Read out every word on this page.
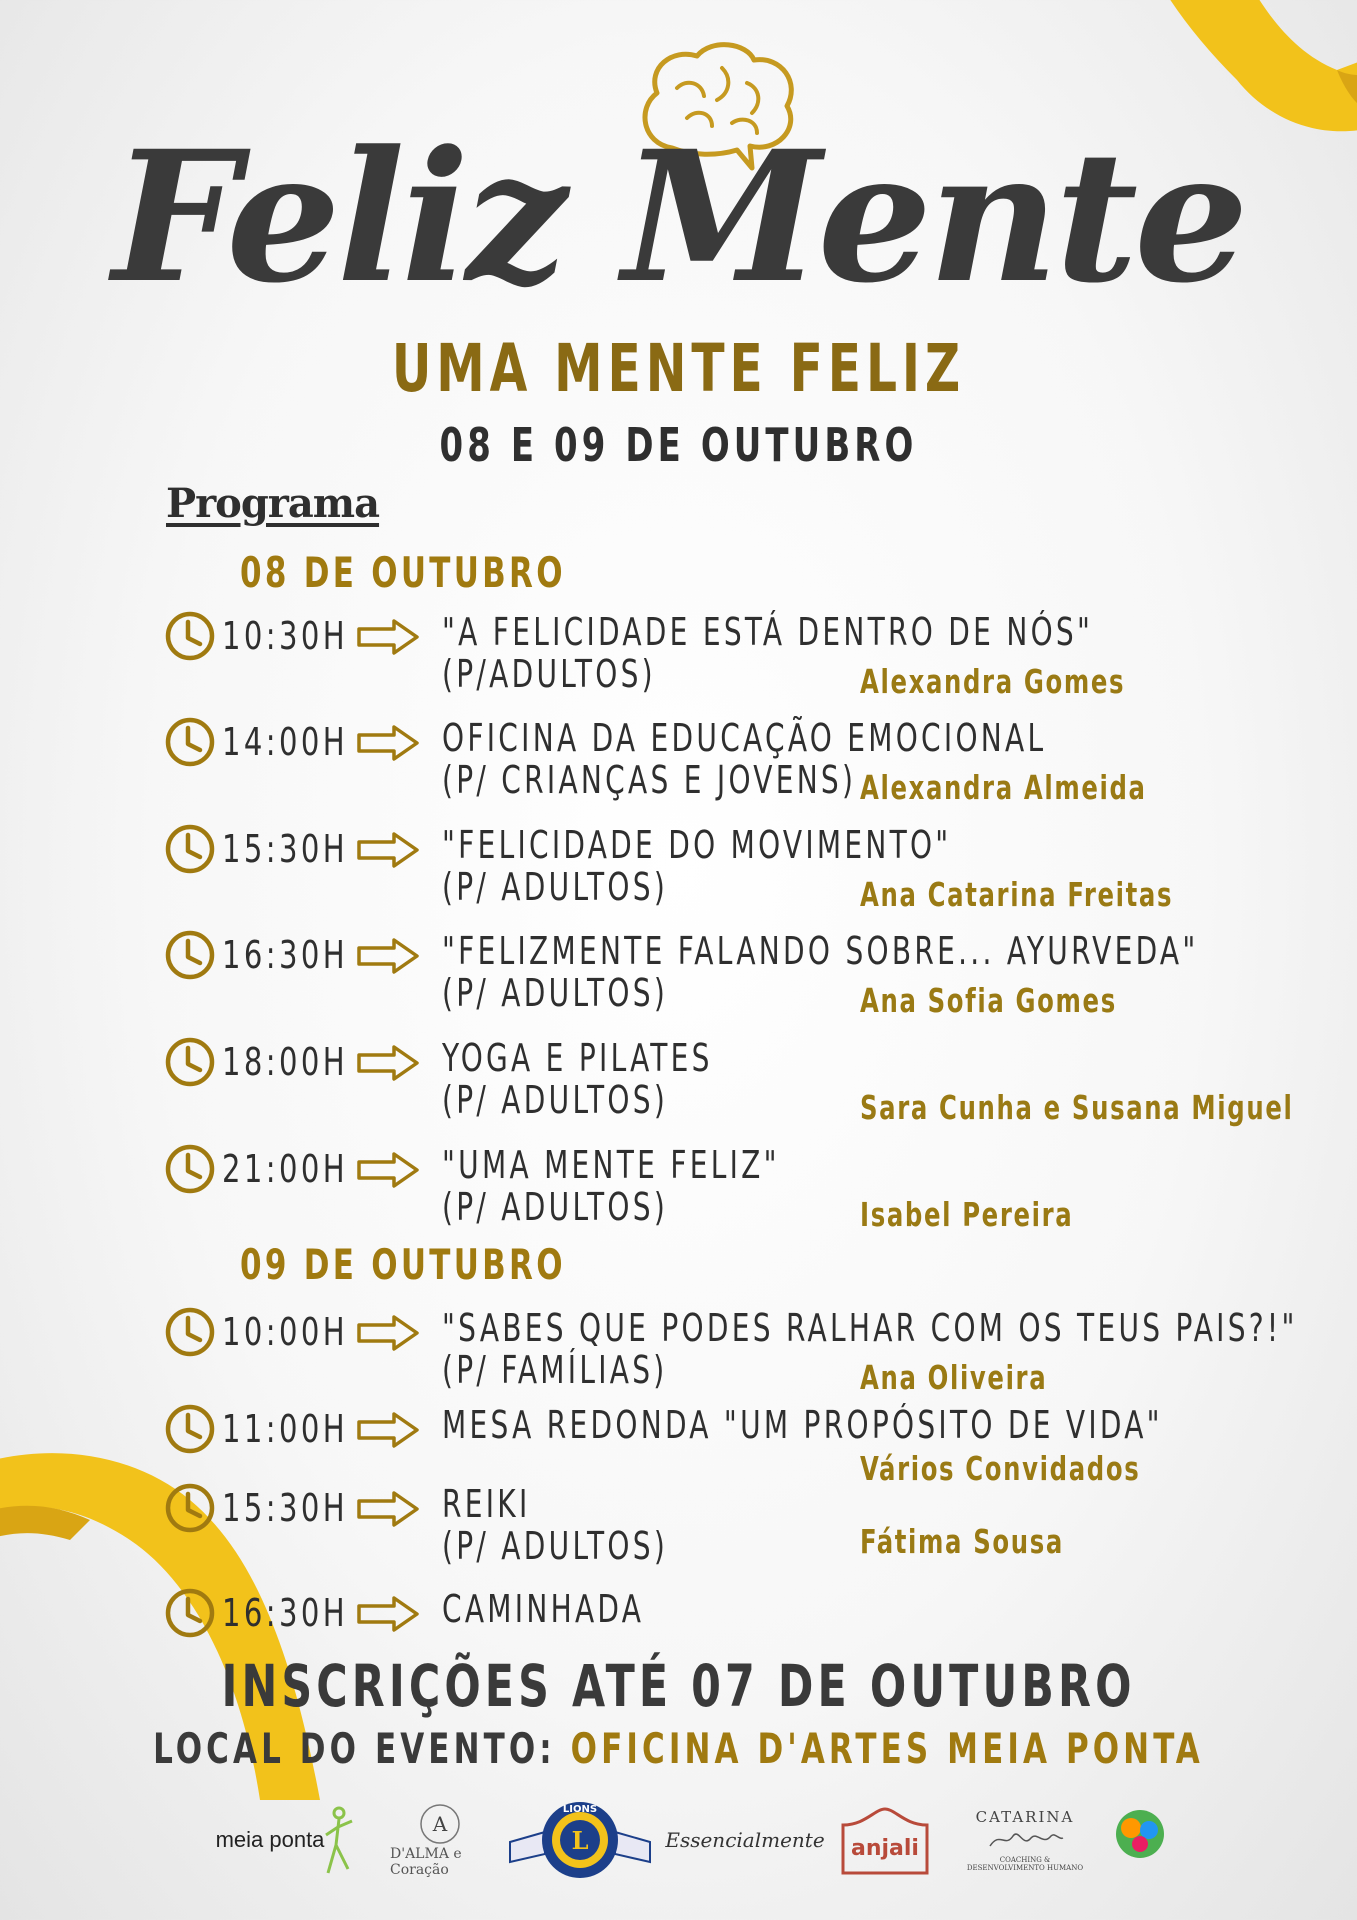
Feliz Mente
UMA MENTE FELIZ
08 E 09 DE OUTUBRO
Programa
08 DE OUTUBRO
09 DE OUTUBRO
10:30H "A FELICIDADE ESTÁ DENTRO DE NÓS"
(P/ADULTOS)	Alexandra Gomes
14:00H OFICINA DA EDUCAÇÃO EMOCIONAL
(P/ CRIANÇAS E JOVENS) Alexandra Almeida
15:30H "FELICIDADE DO MOVIMENTO"
(P/ ADULTOS)	Ana Catarina Freitas
16:30H "FELIZMENTE FALANDO SOBRE... AYURVEDA"
(P/ ADULTOS)	Ana Sofia Gomes
18:00H YOGA E PILATES
(P/ ADULTOS)	Sara Cunha e Susana Miguel
21:00H "UMA MENTE FELIZ"
(P/ ADULTOS)	Isabel Pereira
10:00H "SABES QUE PODES RALHAR COM OS TEUS PAIS?!"
(P/ FAMÍLIAS)	Ana Oliveira
11:00H MESA REDONDA "UM PROPÓSITO DE VIDA"
Vários Convidados
15:30H REIKI
(P/ ADULTOS)	Fátima Sousa
16:30H CAMINHADA
INSCRIÇÕES ATÉ 07 DE OUTUBRO
LOCAL DO EVENTO: OFICINA D'ARTES MEIA PONTA
meia ponta
A
D'ALMA e Coração
L
LIONS
Essencialmente anjali
CATARINA
COACHING & DESENVOLVIMENTO HUMANO
